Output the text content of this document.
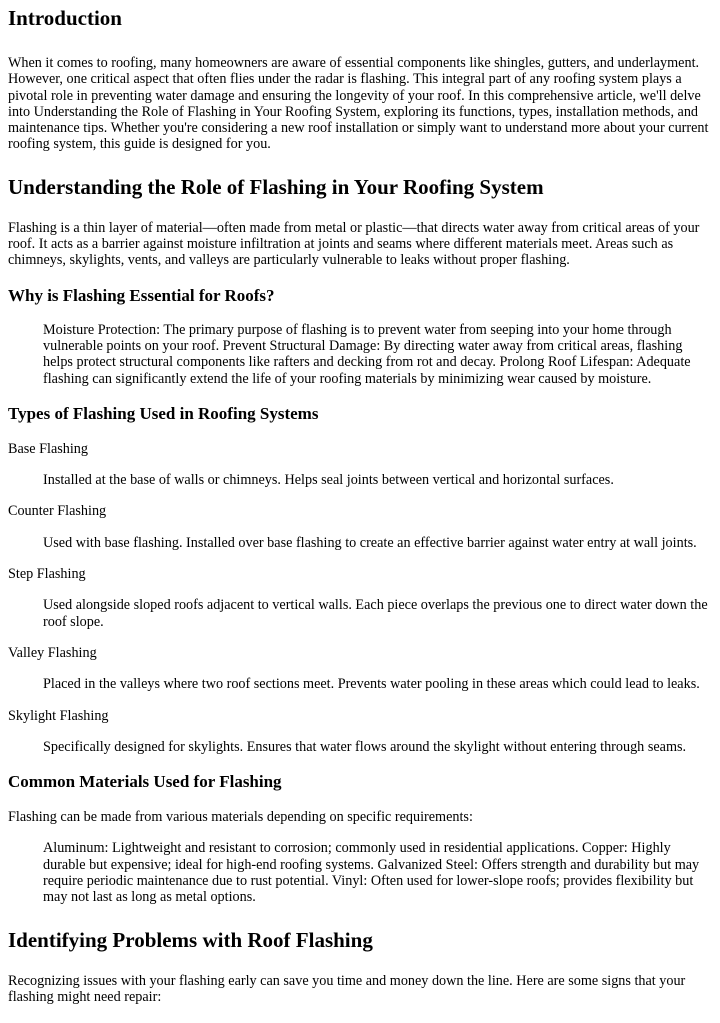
Introduction

When it comes to roofing, many homeowners are aware of essential components like shingles, gutters, and underlayment. However, one critical aspect that often flies under the radar is flashing. This integral part of any roofing system plays a pivotal role in preventing water damage and ensuring the longevity of your roof. In this comprehensive article, we'll delve into Understanding the Role of Flashing in Your Roofing System, exploring its functions, types, installation methods, and maintenance tips. Whether you're considering a new roof installation or simply want to understand more about your current roofing system, this guide is designed for you.

Understanding the Role of Flashing in Your Roofing System

Flashing is a thin layer of material—often made from metal or plastic—that directs water away from critical areas of your roof. It acts as a barrier against moisture infiltration at joints and seams where different materials meet. Areas such as chimneys, skylights, vents, and valleys are particularly vulnerable to leaks without proper flashing.

Why is Flashing Essential for Roofs?
Moisture Protection: The primary purpose of flashing is to prevent water from seeping into your home through vulnerable points on your roof. Prevent Structural Damage: By directing water away from critical areas, flashing helps protect structural components like rafters and decking from rot and decay. Prolong Roof Lifespan: Adequate flashing can significantly extend the life of your roofing materials by minimizing wear caused by moisture.
Types of Flashing Used in Roofing Systems

Base Flashing

Installed at the base of walls or chimneys. Helps seal joints between vertical and horizontal surfaces.

Counter Flashing

Used with base flashing. Installed over base flashing to create an effective barrier against water entry at wall joints.

Step Flashing

Used alongside sloped roofs adjacent to vertical walls. Each piece overlaps the previous one to direct water down the roof slope.

Valley Flashing

Placed in the valleys where two roof sections meet. Prevents water pooling in these areas which could lead to leaks.

Skylight Flashing

Specifically designed for skylights. Ensures that water flows around the skylight without entering through seams.
Common Materials Used for Flashing

Flashing can be made from various materials depending on specific requirements:

Aluminum: Lightweight and resistant to corrosion; commonly used in residential applications. Copper: Highly durable but expensive; ideal for high-end roofing systems. Galvanized Steel: Offers strength and durability but may require periodic maintenance due to rust potential. Vinyl: Often used for lower-slope roofs; provides flexibility but may not last as long as metal options.
Identifying Problems with Roof Flashing

Recognizing issues with your flashing early can save you time and money down the line. Here are some signs that your flashing might need repair:
